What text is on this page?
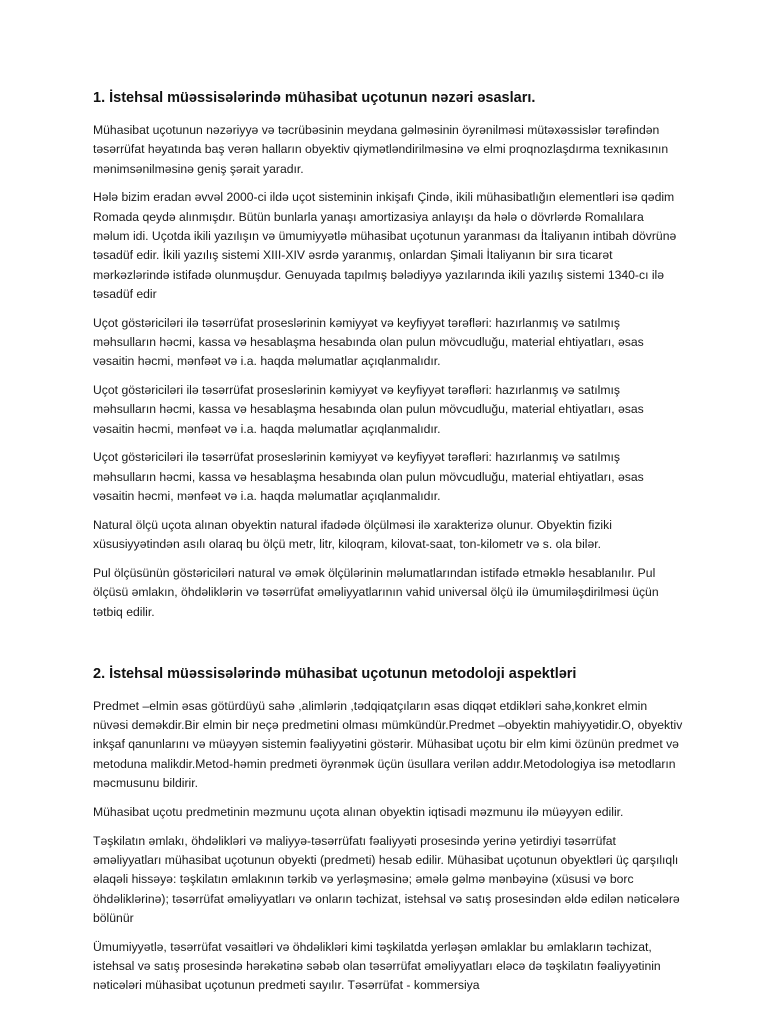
1. İstehsal müəssisələrində mühasibat uçotunun nəzəri əsasları.

Mühasibat uçotunun nəzəriyyə və təcrübəsinin meydana gəlməsinin öyrənilməsi mütəxəssislər tərəfindən təsərrüfat həyatında baş verən halların obyektiv qiymətləndirilməsinə və elmi proqnozlaşdırma texnikasının mənimsənilməsinə geniş şərait yaradır.

Hələ bizim eradan əvvəl 2000-ci ildə uçot sisteminin inkişafı Çində, ikili mühasibatlığın elementləri isə qədim Romada qeydə alınmışdır. Bütün bunlarla yanaşı amortizasiya anlayışı da hələ o dövrlərdə Romalılara məlum idi. Uçotda ikili yazılışın və ümumiyyətlə mühasibat uçotunun yaranması da İtaliyanın intibah dövrünə təsadüf edir. İkili yazılış sistemi XIII-XIV əsrdə yaranmış, onlardan Şimali İtaliyanın bir sıra ticarət mərkəzlərində istifadə olunmuşdur. Genuyada tapılmış bələdiyyə yazılarında ikili yazılış sistemi 1340-cı ilə təsadüf edir

Uçot göstəriciləri ilə təsərrüfat proseslərinin kəmiyyət və keyfiyyət tərəfləri: hazırlanmış və satılmış məhsulların həcmi, kassa və hesablaşma hesabında olan pulun mövcudluğu, material ehtiyatları, əsas vəsaitin həcmi, mənfəət və i.a. haqda məlumatlar açıqlanmalıdır.

Uçot göstəriciləri ilə təsərrüfat proseslərinin kəmiyyət və keyfiyyət tərəfləri: hazırlanmış və satılmış məhsulların həcmi, kassa və hesablaşma hesabında olan pulun mövcudluğu, material ehtiyatları, əsas vəsaitin həcmi, mənfəət və i.a. haqda məlumatlar açıqlanmalıdır.

Uçot göstəriciləri ilə təsərrüfat proseslərinin kəmiyyət və keyfiyyət tərəfləri: hazırlanmış və satılmış məhsulların həcmi, kassa və hesablaşma hesabında olan pulun mövcudluğu, material ehtiyatları, əsas vəsaitin həcmi, mənfəət və i.a. haqda məlumatlar açıqlanmalıdır.

Natural ölçü uçota alınan obyektin natural ifadədə ölçülməsi ilə xarakterizə olunur. Obyektin fiziki xüsusiyyətindən asılı olaraq bu ölçü metr, litr, kiloqram, kilovat-saat, ton-kilometr və s. ola bilər.

Pul ölçüsünün göstəriciləri natural və əmək ölçülərinin məlumatlarından istifadə etməklə hesablanılır. Pul ölçüsü əmlakın, öhdəliklərin və təsərrüfat əməliyyatlarının vahid universal ölçü ilə ümumiləşdirilməsi üçün tətbiq edilir.

2. İstehsal müəssisələrində mühasibat uçotunun metodoloji aspektləri

Predmet –elmin əsas götürdüyü sahə ,alimlərin ,tədqiqatçıların əsas diqqət etdikləri sahə,konkret elmin nüvəsi deməkdir.Bir elmin bir neçə predmetini olması mümkündür.Predmet –obyektin mahiyyətidir.O, obyektiv inkşaf qanunlarını və müəyyən sistemin fəaliyyətini göstərir. Mühasibat uçotu bir elm kimi özünün predmet və metoduna malikdir.Metod-həmin predmeti öyrənmək üçün üsullara verilən addır.Metodologiya isə metodların məcmusunu bildirir.

Mühasibat uçotu predmetinin məzmunu uçota alınan obyektin iqtisadi məzmunu ilə müəyyən edilir.

Təşkilatın əmlakı, öhdəlikləri və maliyyə-təsərrüfatı fəaliyyəti prosesində yerinə yetirdiyi təsərrüfat əməliyyatları mühasibat uçotunun obyekti (predmeti) hesab edilir. Mühasibat uçotunun obyektləri üç qarşılıqlı əlaqəli hissəyə: təşkilatın əmlakının tərkib və yerləşməsinə; əmələ gəlmə mənbəyinə (xüsusi və borc öhdəliklərinə); təsərrüfat əməliyyatları və onların təchizat, istehsal və satış prosesindən əldə edilən nəticələrə bölünür

Ümumiyyətlə, təsərrüfat vəsaitləri və öhdəlikləri kimi təşkilatda yerləşən əmlaklar bu əmlakların təchizat, istehsal və satış prosesində hərəkətinə səbəb olan təsərrüfat əməliyyatları eləcə də təşkilatın fəaliyyətinin nəticələri mühasibat uçotunun predmeti sayılır. Təsərrüfat - kommersiya
